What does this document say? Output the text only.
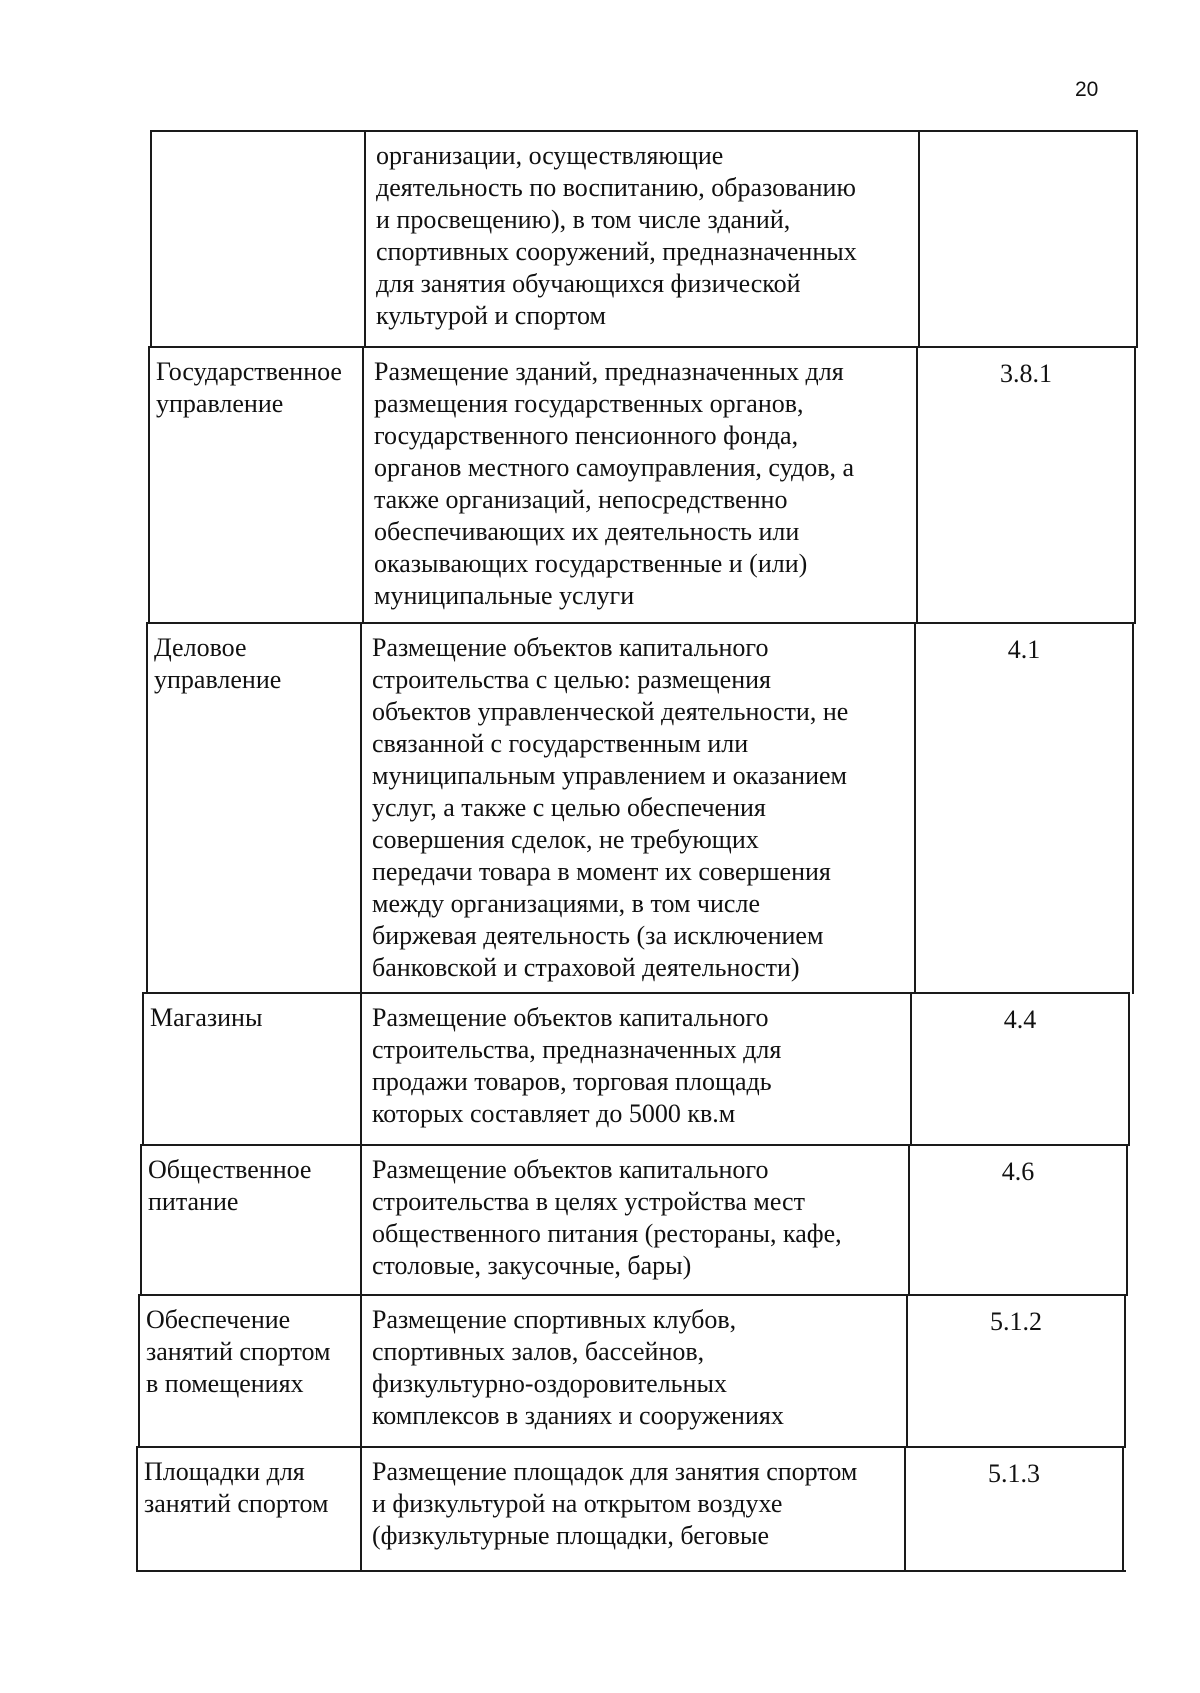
20
организации, осуществляющие
деятельность по воспитанию, образованию
и просвещению), в том числе зданий,
спортивных сооружений, предназначенных
для занятия обучающихся физической
культурой и спортом
Государственное
управление
Размещение зданий, предназначенных для
размещения государственных органов,
государственного пенсионного фонда,
органов местного самоуправления, судов, а
также организаций, непосредственно
обеспечивающих их деятельность или
оказывающих государственные и (или)
муниципальные услуги
3.8.1
Деловое
управление
Размещение объектов капитального
строительства с целью: размещения
объектов управленческой деятельности, не
связанной с государственным или
муниципальным управлением и оказанием
услуг, а также с целью обеспечения
совершения сделок, не требующих
передачи товара в момент их совершения
между организациями, в том числе
биржевая деятельность (за исключением
банковской и страховой деятельности)
4.1
Магазины	Размещение объектов капитального
строительства, предназначенных для
продажи товаров, торговая площадь
которых составляет до 5000 кв.м
4.4
Общественное
питание
Размещение объектов капитального
строительства в целях устройства мест
общественного питания (рестораны, кафе,
столовые, закусочные, бары)
4.6
Обеспечение
занятий спортом
в помещениях
Размещение спортивных клубов,
спортивных залов, бассейнов,
физкультурно-оздоровительных
комплексов в зданиях и сооружениях
5.1.2
Площадки для
занятий спортом
Размещение площадок для занятия спортом
и физкультурой на открытом воздухе
(физкультурные площадки, беговые
5.1.3
